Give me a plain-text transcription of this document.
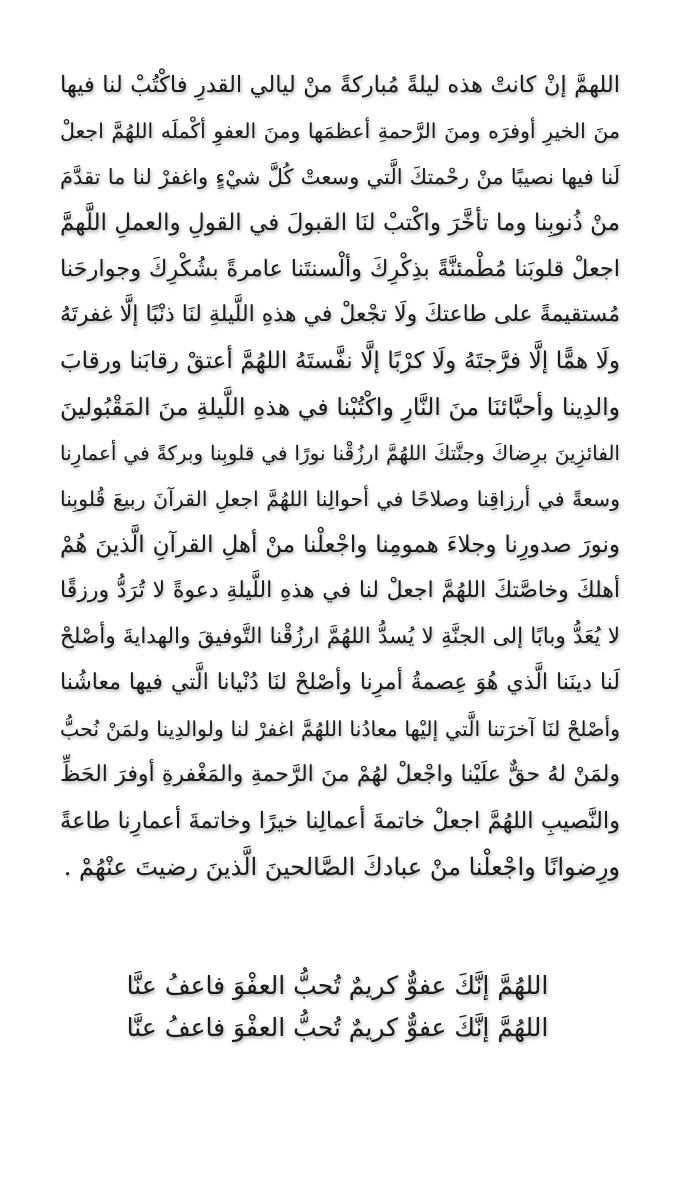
اللهمَّ إنْ كانتْ هذه ليلةً مُباركةً منْ ليالي القدرِ فاكْتُبْ لنا فيها
منَ الخيرِ أوفرَه ومنَ الرَّحمةِ أعظمَها ومنَ العفوِ أكْملَه اللهُمَّ اجعلْ
لَنا فيها نصيبًا منْ رحْمتكَ الَّتي وسعتْ كُلَّ شيْءٍ واغفرْ لنا ما تقدَّمَ
منْ ذُنوبِنا وما تأخَّرَ واكْتبْ لنَا القبولَ في القولِ والعملِ اللَّهمَّ
اجعلْ قلوبَنا مُطْمئنَّةً بذِكْرِكَ وألْسنتَنا عامرةً بشُكْرِكَ وجوارحَنا
مُستقيمةً على طاعتكَ ولَا تجْعلْ في هذهِ اللَّيلةِ لنَا ذنْبًا إلَّا غفرتَهُ
ولَا همًّا إلَّا فرَّجتَهُ ولَا كرْبًا إلَّا نفَّستَهُ اللهُمَّ أعتقْ رقابَنا ورقابَ
والدِينا وأحبَّائنَا منَ النَّارِ واكْتُبْنا في هذهِ اللَّيلةِ منَ المَقْبُولينَ
الفائزِينَ برِضاكَ وجنَّتكَ اللهُمَّ ارزُقْنا نورًا في قلوبِنا وبركةً في أعمارِنا
وسعةً في أرزاقِنا وصلاحًا في أحوالِنا اللهُمَّ اجعلِ القرآنَ ربيعَ قُلوبِنا
ونورَ صدورِنا وجلاءَ همومِنا واجْعلْنا منْ أهلِ القرآنِ الَّذينَ هُمْ
أهلكَ وخاصَّتكَ اللهُمَّ اجعلْ لنا في هذهِ اللَّيلةِ دعوةً لا تُرَدُّ ورزقًا
لا يُعَدُّ وبابًا إلى الجنَّةِ لا يُسدُّ اللهُمَّ ارزُقْنا التَّوفيقَ والهدايةَ وأصْلحْ
لَنا دينَنا الَّذي هُوَ عِصمةُ أمرِنا وأصْلحْ لنَا دُنْيانا الَّتي فيها معاشُنا
وأصْلحْ لنَا آخرَتنا الَّتي إليْها معادُنا اللهُمَّ اغفرْ لنا ولوالدِينا ولمَنْ نُحبُّ
ولمَنْ لهُ حقٌّ علَيْنا واجْعلْ لهُمْ منَ الرَّحمةِ والمَغْفرةِ أوفرَ الحَظِّ
والنَّصيبِ اللهُمَّ اجعلْ خاتمةَ أعمالِنا خيرًا وخاتمةَ أعمارِنا طاعةً
ورِضوانًا واجْعلْنا منْ عبادكَ الصَّالحينَ الَّذينَ رضيتَ عنْهُمْ .
اللهُمَّ إنَّكَ عفوٌّ كريمٌ تُحبُّ العفْوَ فاعفُ عنَّا
اللهُمَّ إنَّكَ عفوٌّ كريمٌ تُحبُّ العفْوَ فاعفُ عنَّا
